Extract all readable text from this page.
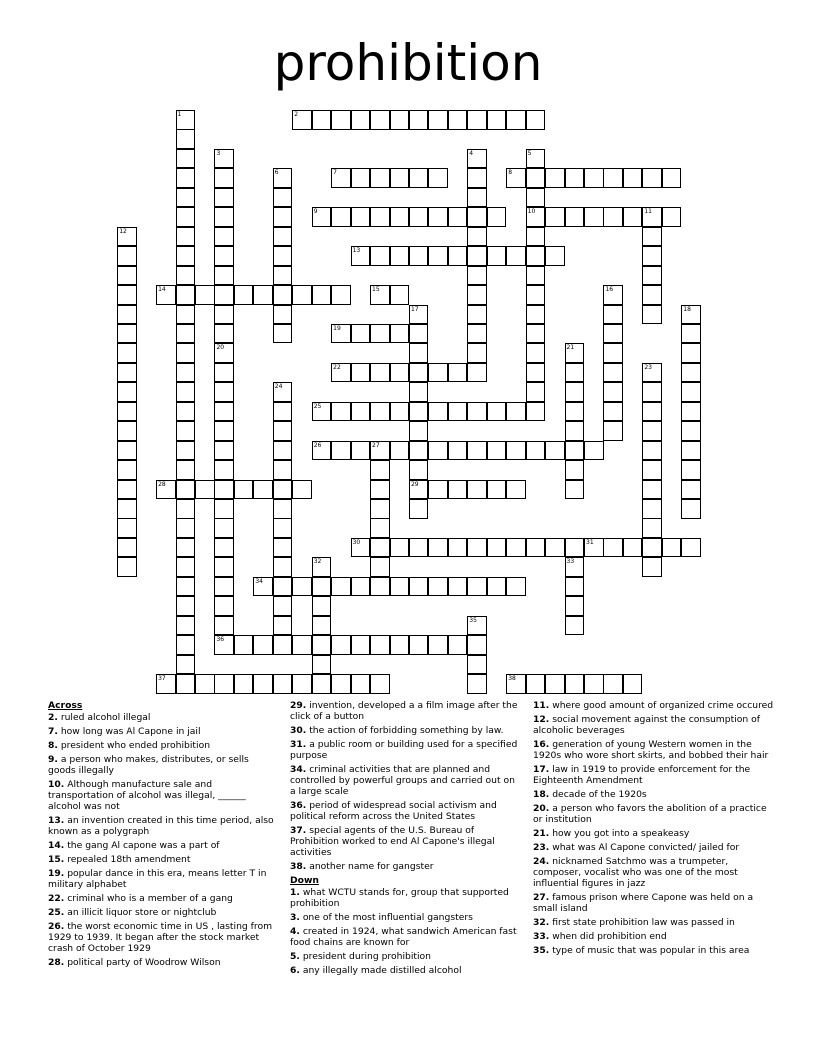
prohibition
1	2
3
20
4	5
10
6	7	8
9	11
12
13
14	15	16
17
29
18
19
21
22	23
24
25
26	27
28
30	31
32	33
34
35
36
37	38
Across
2. ruled alcohol illegal
7. how long was Al Capone in jail
8. president who ended prohibition
9. a person who makes, distributes, or sells goods illegally
10. Although manufacture sale and transportation of alcohol was illegal, ______ alcohol was not
13. an invention created in this time period, also known as a polygraph
14. the gang Al capone was a part of
15. repealed 18th amendment
19. popular dance in this era, means letter T in military alphabet
22. criminal who is a member of a gang
25. an illicit liquor store or nightclub
26. the worst economic time in US , lasting from 1929 to 1939. It began after the stock market crash of October 1929
28. political party of Woodrow Wilson
29. invention, developed a a film image after the click of a button
30. the action of forbidding something by law.
31. a public room or building used for a specified purpose
34. criminal activities that are planned and controlled by powerful groups and carried out on a large scale
36. period of widespread social activism and political reform across the United States
37. special agents of the U.S. Bureau of Prohibition worked to end Al Capone's illegal activities
38. another name for gangster
Down
1. what WCTU stands for, group that supported prohibition
3. one of the most influential gangsters
4. created in 1924, what sandwich American fast food chains are known for
5. president during prohibition
6. any illegally made distilled alcohol
11. where good amount of organized crime occured
12. social movement against the consumption of alcoholic beverages
16. generation of young Western women in the 1920s who wore short skirts, and bobbed their hair
17. law in 1919 to provide enforcement for the Eighteenth Amendment
18. decade of the 1920s
20. a person who favors the abolition of a practice or institution
21. how you got into a speakeasy
23. what was Al Capone convicted/ jailed for
24. nicknamed Satchmo was a trumpeter, composer, vocalist who was one of the most influential figures in jazz
27. famous prison where Capone was held on a small island
32. first state prohibition law was passed in
33. when did prohibition end
35. type of music that was popular in this area
